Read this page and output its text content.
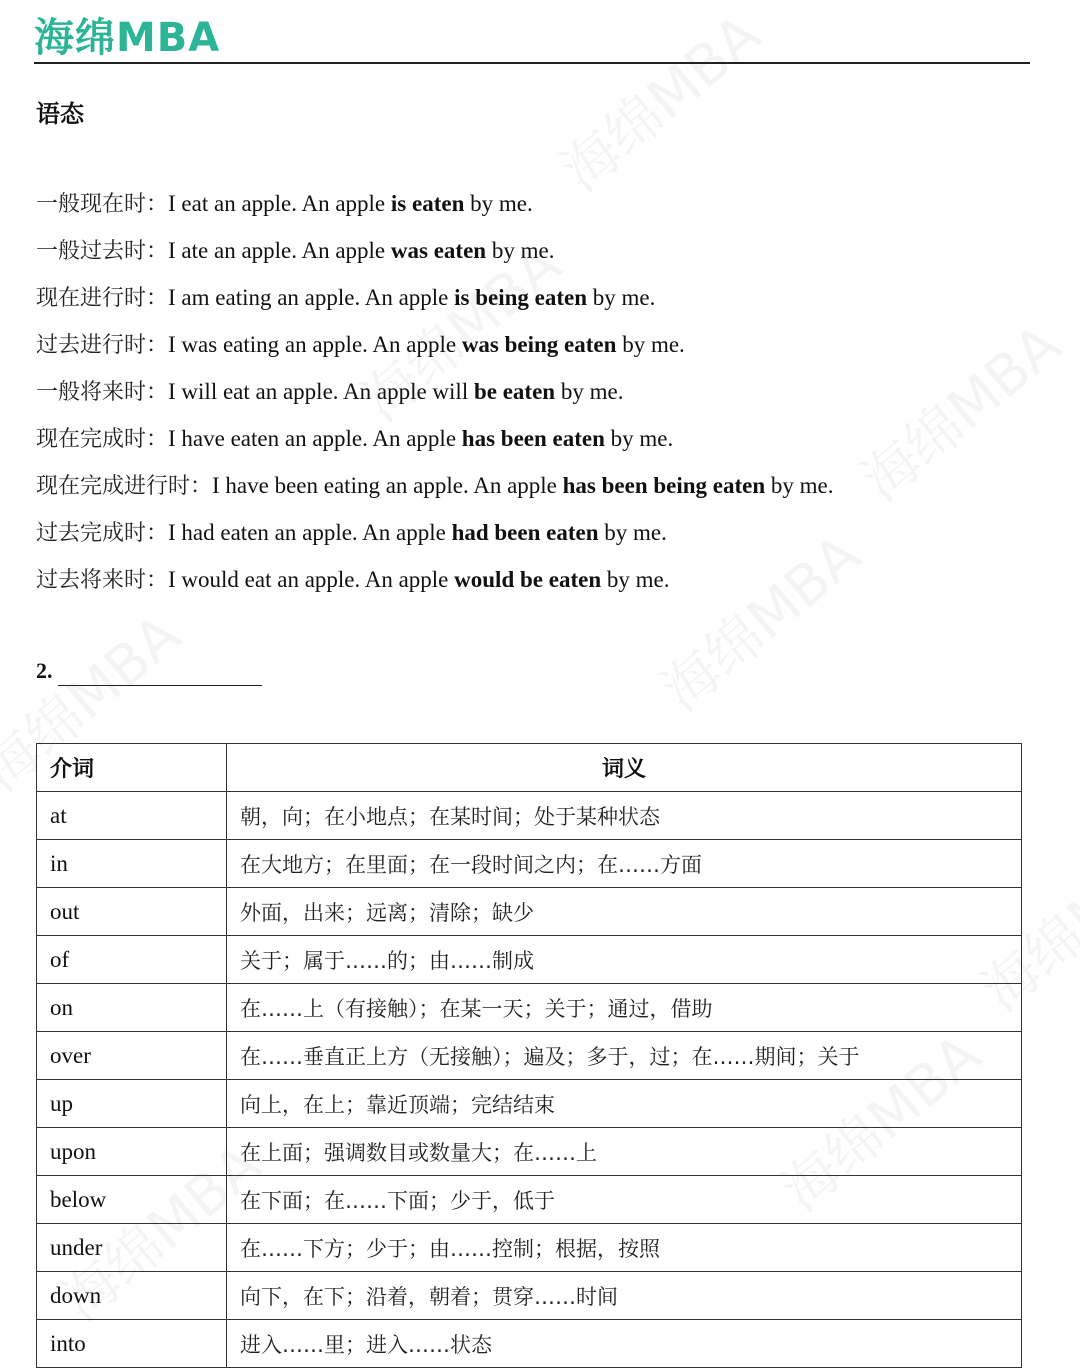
海绵MBA
语态
一般现在时：I eat an apple. An apple is eaten by me.
一般过去时：I ate an apple. An apple was eaten by me.
现在进行时：I am eating an apple. An apple is being eaten by me.
过去进行时：I was eating an apple. An apple was being eaten by me.
一般将来时：I will eat an apple. An apple will be eaten by me.
现在完成时：I have eaten an apple. An apple has been eaten by me.
现在完成进行时：I have been eating an apple. An apple has been being eaten by me.
过去完成时：I had eaten an apple. An apple had been eaten by me.
过去将来时：I would eat an apple. An apple would be eaten by me.
2.
介词	词义
at	朝，向；在小地点；在某时间；处于某种状态
in	在大地方；在里面；在一段时间之内；在……方面
out	外面，出来；远离；清除；缺少
of	关于；属于……的；由……制成
on	在……上（有接触）；在某一天；关于；通过，借助
over	在……垂直正上方（无接触）；遍及；多于，过；在……期间；关于
up	向上，在上；靠近顶端；完结结束
upon	在上面；强调数目或数量大；在……上
below	在下面；在……下面；少于，低于
under	在……下方；少于；由……控制；根据，按照
down	向下，在下；沿着，朝着；贯穿……时间
into	进入……里；进入……状态
